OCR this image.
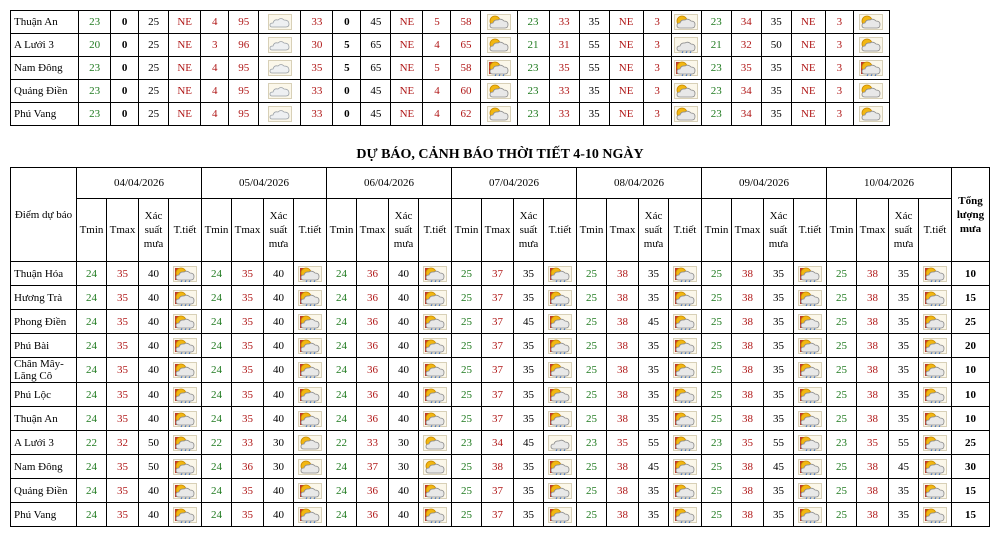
Thuận An	23	0	25	NE	4	95		33	0	45	NE	5	58		23	33	35	NE	3		23	34	35	NE	3	

A Lưới 3	20	0	25	NE	3	96		30	5	65	NE	4	65		21	31	55	NE	3		21	32	50	NE	3	

Nam Đông	23	0	25	NE	4	95		35	5	65	NE	5	58		23	35	55	NE	3		23	35	35	NE	3	

Quảng Điền	23	0	25	NE	4	95		33	0	45	NE	4	60		23	33	35	NE	3		23	34	35	NE	3	

Phú Vang	23	0	25	NE	4	95		33	0	45	NE	4	62		23	33	35	NE	3		23	34	35	NE	3	
DỰ BÁO, CẢNH BÁO THỜI TIẾT 4-10 NGÀY
Điểm dự báo	04/04/2026				05/04/2026				06/04/2026				07/04/2026				08/04/2026				09/04/2026				10/04/2026				Tổng lượng mưa
	Tmin	Tmax	Xác suất mưa	T.tiết	Tmin	Tmax	Xác suất mưa	T.tiết	Tmin	Tmax	Xác suất mưa	T.tiết	Tmin	Tmax	Xác suất mưa	T.tiết	Tmin	Tmax	Xác suất mưa	T.tiết	Tmin	Tmax	Xác suất mưa	T.tiết	Tmin	Tmax	Xác suất mưa	T.tiết	
Thuận Hóa	24	35	40		24	35	40		24	36	40		25	37	35		25	38	35		25	38	35		25	38	35		10
Hương Trà	24	35	40		24	35	40		24	36	40		25	37	35		25	38	35		25	38	35		25	38	35		15
Phong Điền	24	35	40		24	35	40		24	36	40		25	37	45		25	38	45		25	38	35		25	38	35		25
Phú Bài	24	35	40		24	35	40		24	36	40		25	37	35		25	38	35		25	38	35		25	38	35		20
Chân Mây-Lăng Cô	24	35	40		24	35	40		24	36	40		25	37	35		25	38	35		25	38	35		25	38	35		10
Phú Lộc	24	35	40		24	35	40		24	36	40		25	37	35		25	38	35		25	38	35		25	38	35		10
Thuận An	24	35	40		24	35	40		24	36	40		25	37	35		25	38	35		25	38	35		25	38	35		10
A Lưới 3	22	32	50		22	33	30		22	33	30		23	34	45		23	35	55		23	35	55		23	35	55		25
Nam Đông	24	35	50		24	36	30		24	37	30		25	38	35		25	38	45		25	38	45		25	38	45		30
Quảng Điền	24	35	40		24	35	40		24	36	40		25	37	35		25	38	35		25	38	35		25	38	35		15
Phú Vang	24	35	40		24	35	40		24	36	40		25	37	35		25	38	35		25	38	35		25	38	35		15
